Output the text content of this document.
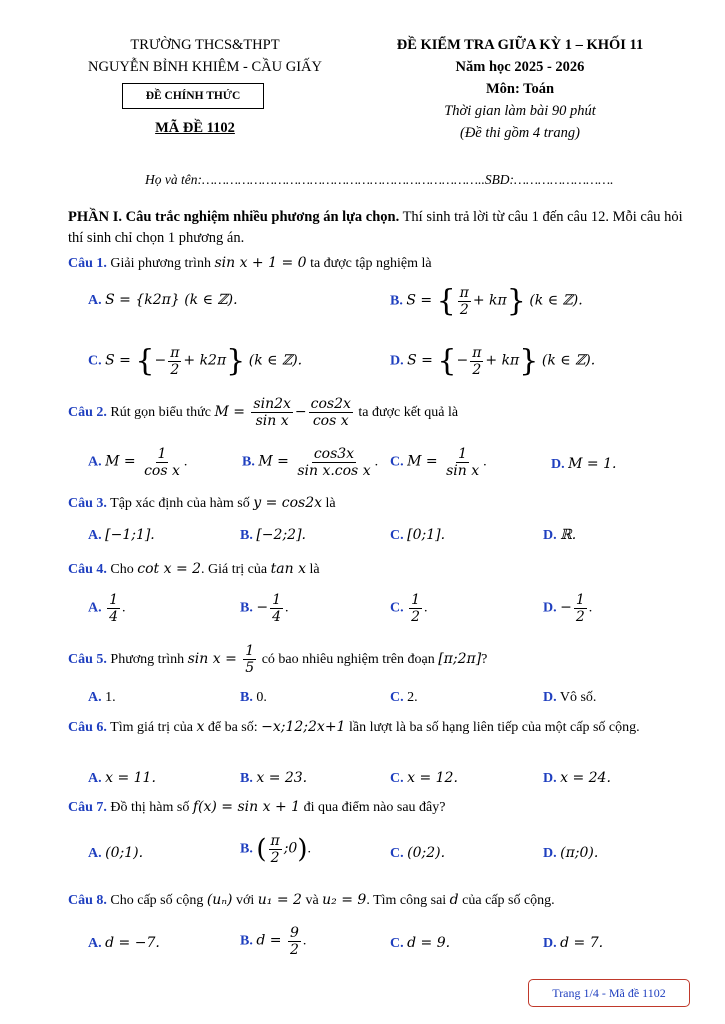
TRƯỜNG THCS&THPT
NGUYỄN BỈNH KHIÊM - CẦU GIẤY
ĐỀ CHÍNH THỨC
MÃ ĐỀ 1102
ĐỀ KIỂM TRA GIỮA KỲ 1 – KHỐI 11
Năm học 2025 - 2026
Môn: Toán
Thời gian làm bài 90 phút
(Đề thi gồm 4 trang)
Họ và tên:……………………………………………………………..SBD:…………………….
PHẦN I. Câu trắc nghiệm nhiều phương án lựa chọn. Thí sinh trả lời từ câu 1 đến câu 12. Mỗi câu hỏi thí sinh chỉ chọn 1 phương án.
Câu 1. Giải phương trình sin x + 1 = 0 ta được tập nghiệm là
A. S = {k2π} (k ∈ ℤ).	B. S = { $\frac{\pi}{2} + k\pi$} (k ∈ ℤ).
C. S = {− $\frac{\pi}{2} + k2\pi$} (k ∈ ℤ).	D. S = {− $\frac{\pi}{2} + k\pi$} (k ∈ ℤ).
Câu 2. Rút gọn biểu thức $M = \frac{\sin 2x}{\text{sin x}} - \frac{\cos 2x}{\text{cos x}}$ ta được kết quả là
A. $M = \frac{1}{\text{cos x}}$ .	B. $M = \frac{\cos 3x}{\text{sin x.cos x}}$ . C. $M = \frac{1}{\text{sin x}}$ .	D. M = 1.
Câu 3. Tập xác định của hàm số y = cos2x là
A. [−1;1].	B. [−2;2].	C. [0;1].	D. ℝ.
Câu 4. Cho cot x = 2. Giá trị của tan x là
A. $\frac{1}{4}$ .	B. − $\frac{1}{4}$ .	C. $\frac{1}{2}$ .	D. − $\frac{1}{2}$ .
Câu 5. Phương trình $\sin x = \frac{1}{5}$ có bao nhiêu nghiệm trên đoạn [π;2π]?
A. 1.	B. 0.	C. 2.	D. Vô số.
Câu 6. Tìm giá trị của x để ba số: −x;12;2x+1 lần lượt là ba số hạng liên tiếp của một cấp số cộng.
A. x = 11.	B. x = 23.	C. x = 12.	D. x = 24.
Câu 7. Đồ thị hàm số f(x) = sin x + 1 đi qua điểm nào sau đây?
A. (0;1).	B. ( $\frac{\pi}{2}$ ;0).	C. (0;2).	D. (π;0).
Câu 8. Cho cấp số cộng (uₙ) với u₁ = 2 và u₂ = 9. Tìm công sai d của cấp số cộng.
A. d = −7.	B. $d = \frac{9}{2}$ .	C. d = 9.	D. d = 7.
Trang 1/4 - Mã đề 1102
